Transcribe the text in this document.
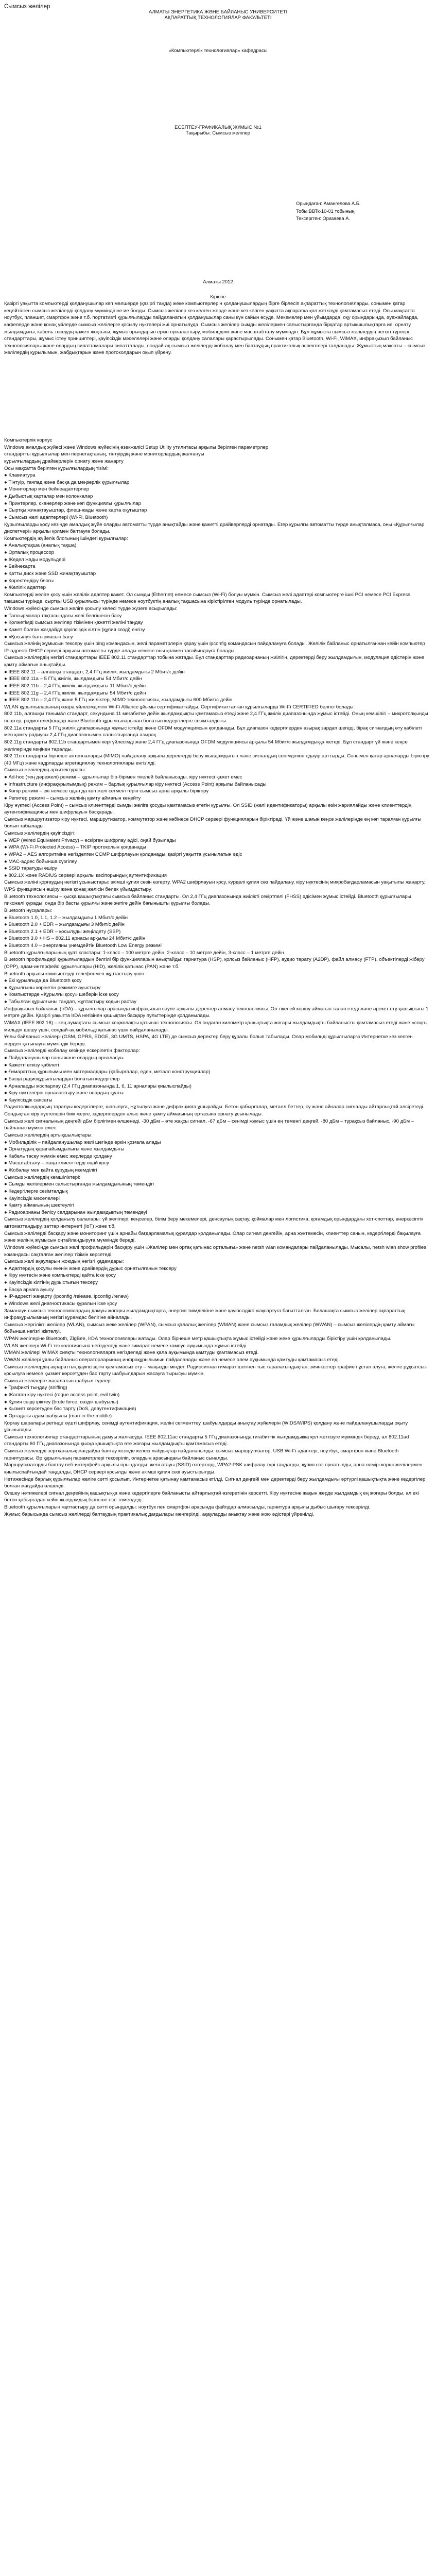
Сымсыз желілер

АЛМАТЫ ЭНЕРГЕТИКА ЖӘНЕ БАЙЛАНЫС УНИВЕРСИТЕТІ

АҚПАРАТТЫҚ ТЕХНОЛОГИЯЛАР ФАКУЛЬТЕТІ

«Компьютерлік технологиялар» кафедрасы
ЕСЕПТЕУ-ГРАФИКАЛЫҚ ЖҰМЫС №1
Тақырыбы: Сымсыз желілер
Орындаған: Амангелова А.Б.
Тобы:ВВТк-10-01 тобының
Тексергген: Оразаева А.
Алматы 2012
Кіріспе
Қазіргі уақытта компьютерді қолданушылар көп мөлшерде (қазіргі таңда) жеке компьютерлерін қолданушылардың бірге бірлесіп ақпараттық технологияларды, сонымен қатар кеңейтілген сымсыз желілерді қолдану мүмкіндігіне ие болды. Сымсыз желілер кез келген жерде және кез келген уақытта ақпаратқа қол жеткізуді қамтамасыз етеді. Осы мақсатта ноутбук, планшет, смартфон және т.б. портативті құрылғыларды пайдаланатын қолданушылар саны күн сайын өсуде. Мекемелер мен ұйымдарда, оқу орындарында, әуежайларда, кафелерде және қонақ үйлерде сымсыз желілерге қосылу нүктелері жиі орнатылуда. Сымсыз желілер сымды желілермен салыстырғанда бірқатар артықшылықтарға ие: орнату жылдамдығы, кабель төсеудің қажеті жоқтығы, жұмыс орындарын еркін орналастыру, мобильділік және масштабталу мүмкіндігі. Бұл жұмыста сымсыз желілердің негізгі түрлері, стандарттары, жұмыс істеу принциптері, қауіпсіздік мәселелері және оларды қолдану салалары қарастырылады. Сонымен қатар Bluetooth, Wi-Fi, WiMAX, инфрақызыл байланыс технологиялары және олардың сипаттамалары сипатталады, сондай-ақ сымсыз желілерді жобалау мен баптаудың практикалық аспектілері талданады. Жұмыстың мақсаты – сымсыз желілердің құрылымын, жабдықтарын және протоколдарын оқып үйрену.
Компьютерлік корпус
Windows амалдық жүйесі және Windows жүйесінің өзекжелісі Setup Utility утилитасы арқылы берілген параметрлер
стандартты құрылғылар мен пернетақтаның, тінтуірдің және мониторлардың жалғануы
құрылғылардың драйверлерін орнату және жаңарту
Осы мақсатта берілген құрылғылардың тізімі:
● Клавиатура
● Тінтуір, тачпад және басқа да меңзерлік құрылғылар
● Мониторлар мен бейнеадаптерлер
● Дыбыстық карталар мен колонкалар
● Принтерлер, сканерлер және көп функциялы құрылғылар
● Сыртқы жинақтауыштар, флеш-жады және карта оқуғыштар
● Сымсыз желі адаптерлері (Wi-Fi, Bluetooth)
Құрылғыларды қосу кезінде амалдық жүйе оларды автоматты түрде анықтайды және қажетті драйверлерді орнатады. Егер құрылғы автоматты түрде анықталмаса, оны «Құрылғылар диспетчері» арқылы қолмен баптауға болады.
Компьютердің жүйелік блогының ішіндегі құрылғылар:
● Аналықтақша (аналық тақша)
● Орталық процессор
● Жедел жады модульдері
● Бейнекарта
● Қатты диск және SSD жинақтауыштар
● Қоректендіру блогы
● Желілік адаптер
Компьютерді желіге қосу үшін желілік адаптер қажет. Ол сымды (Ethernet) немесе сымсыз (Wi-Fi) болуы мүмкін. Сымсыз желі адаптері компьютерге ішкі PCI немесе PCI Express тақшасы түрінде, сыртқы USB құрылғысы түрінде немесе ноутбуктің аналық тақшасына кіріктірілген модуль түрінде орнатылады.
Windows жүйесінде сымсыз желіге қосылу келесі түрде жүзеге асырылады:
● Тапсырмалар тақтасындағы желі белгішесін басу
● Қолжетімді сымсыз желілер тізімінен қажетті желіні таңдау
● Қажет болған жағдайда қауіпсіздік кілтін (құпия сөзді) енгізу
● «Қосылу» батырмасын басу
Сымсыз желінің жұмысын тексеру үшін ping командасын, желі параметрлерін қарау үшін ipconfig командасын пайдалануға болады. Желілік байланыс орнатылғаннан кейін компьютер IP-адресті DHCP сервері арқылы автоматты түрде алады немесе оны қолмен тағайындауға болады.
Сымсыз желілердің негізгі стандарттары IEEE 802.11 стандарттар тобына жатады. Бұл стандарттар радиоарнаның жиілігін, деректерді беру жылдамдығын, модуляция әдістерін және қамту аймағын анықтайды.
● IEEE 802.11 – алғашқы стандарт, 2,4 ГГц жиілік, жылдамдығы 2 Мбит/с дейін
● IEEE 802.11a – 5 ГГц жиілік, жылдамдығы 54 Мбит/с дейін
● IEEE 802.11b – 2,4 ГГц жиілік, жылдамдығы 11 Мбит/с дейін
● IEEE 802.11g – 2,4 ГГц жиілік, жылдамдығы 54 Мбит/с дейін
● IEEE 802.11n – 2,4 ГГц және 5 ГГц жиіліктер, MIMO технологиясы, жылдамдығы 600 Мбит/с дейін
WLAN құрылғыларының өзара үйлесімділігін Wi-Fi Alliance ұйымы сертификаттайды. Сертификатталған құрылғыларда Wi-Fi CERTIFIED белгісі болады.
802.11b, алғашқы таныма́л стандарт, секундына 11 мегабитке дейін жылдамдықты қамтамасыз етеді және 2,4 ГГц жиілік диапазонында жұмыс істейді. Оның кемшілігі – микротолқынды пештер, радиотелефондар және Bluetooth құрылғыларынан болатын кедергілерге сезімталдығы.
802.11a стандарты 5 ГГц жиілік диапазонында жұмыс істейді және OFDM модуляциясын қолданады. Бұл диапазон кедергілерден азырақ зардап шегеді, бірақ сигналдың өту қабілеті мен қамту радиусы 2,4 ГГц диапазонымен салыстырғанда азырақ.
802.11g стандарты 802.11b стандартымен кері үйлесімді және 2,4 ГГц диапазонында OFDM модуляциясы арқылы 54 Мбит/с жылдамдыққа жетеді. Бұл стандарт үй және кеңсе желілерінде кеңінен таралды.
802.11n стандарты бірнеше антенналарды (MIMO) пайдалану арқылы деректерді беру жылдамдығын және сигналдың сенімділігін едәуір арттырды. Сонымен қатар арналарды біріктіру (40 МГц) және кадрларды агрегациялау технологиялары енгізілді.
Сымсыз желілердің архитектурасы:
● Ad-hoc (тең дәрежелі) режимі – құрылғылар бір-бірімен тікелей байланысады, кіру нүктесі қажет емес
● Infrastructure (инфрақұрылымдық) режим – барлық құрылғылар кіру нүктесі (Access Point) арқылы байланысады
● Көпір режимі – екі немесе одан да көп желі сегменттерін сымсыз арна арқылы біріктіру
● Репитер режимі – сымсыз желінің қамту аймағын кеңейту
Кіру нүктесі (Access Point) – сымсыз клиенттерді сымды желіге қосуды қамтамасыз ететін құрылғы. Ол SSID (желі идентификаторы) арқылы өзін жариялайды және клиенттердің аутентификациясы мен шифрлауын басқарады.
Сымсыз маршрутизатор кіру нүктесі, маршрутизатор, коммутатор және көбінесе DHCP сервері функцияларын біріктіреді. Үй және шағын кеңсе желілерінде ең көп таралған құрылғы болып табылады.
Сымсыз желілердің қауіпсіздігі:
● WEP (Wired Equivalent Privacy) – ескірген шифрлау әдісі, оңай бұзылады
● WPA (Wi-Fi Protected Access) – TKIP протоколын қолданады
● WPA2 – AES алгоритміне негізделген CCMP шифрлауын қолданады, қазіргі уақытта ұсынылатын әдіс
● MAC-адрес бойынша сүзгілеу
● SSID таратуды өшіру
● 802.1X және RADIUS сервері арқылы кәсіпорындық аутентификация
Сымсыз желіні қорғаудың негізгі ұсыныстары: әкімші құпия сөзін өзгерту, WPA2 шифрлауын қосу, күрделі құпия сөз пайдалану, кіру нүктесінің микробағдарламасын уақытылы жаңарту, WPS функциясын өшіру және қонақ желісін бөлек ұйымдастыру.
Bluetooth технологиясы – қысқа қашықтықтағы сымсыз байланыс стандарты. Ол 2,4 ГГц диапазонында жиілікті секіртпелі (FHSS) әдісімен жұмыс істейді. Bluetooth құрылғылары пикожелі құрады, онда бір басты құрылғы және жетіге дейін бағынышты құрылғы болады.
Bluetooth нұсқалары:
● Bluetooth 1.0, 1.1, 1.2 – жылдамдығы 1 Мбит/с дейін
● Bluetooth 2.0 + EDR – жылдамдығы 3 Мбит/с дейін
● Bluetooth 2.1 + EDR – қосылуды жеңілдету (SSP)
● Bluetooth 3.0 + HS – 802.11 арнасы арқылы 24 Мбит/с дейін
● Bluetooth 4.0 – энергияны үнемдейтін Bluetooth Low Energy режимі
Bluetooth құрылғыларының қуат кластары: 1-класс – 100 метрге дейін, 2-класс – 10 метрге дейін, 3-класс – 1 метрге дейін.
Bluetooth профильдері құрылғылардың белгілі бір функцияларын анықтайды: гарнитура (HSP), қолсыз байланыс (HFP), аудио тарату (A2DP), файл алмасу (FTP), объектілерді жіберу (OPP), адам-интерфейс құрылғылары (HID), желілік қатынас (PAN) және т.б.
Bluetooth арқылы компьютерді телефонмен жұптастыру үшін:
● Екі құрылғыда да Bluetooth қосу
● Құрылғыны көрінетін режимге ауыстыру
● Компьютерде «Құрылғы қосу» шеберін іске қосу
● Табылған құрылғыны таңдап, жұптастыру кодын растау
Инфрақызыл байланыс (IrDA) – құрылғылар арасында инфрақызыл сәуле арқылы деректер алмасу технологиясы. Ол тікелей көріну аймағын талап етеді және әрекет ету қашықтығы 1 метрге дейін. Қазіргі уақытта IrDA негізінен қашықтан басқару пульттерінде қолданылады.
WiMAX (IEEE 802.16) – кең аумақтағы сымсыз кеңжолақты қатынас технологиясы. Ол ондаған километр қашықтықта жоғары жылдамдықты байланысты қамтамасыз етеді және «соңғы мильді» шешу үшін, сондай-ақ мобильді қатынас үшін пайдаланылады.
Ұялы байланыс желілері (GSM, GPRS, EDGE, 3G UMTS, HSPA, 4G LTE) де сымсыз деректер беру құралы болып табылады. Олар мобильді құрылғыларға Интернетке кез келген жерден қатынауға мүмкіндік береді.
Сымсыз желілерді жобалау кезінде ескерілетін факторлар:
● Пайдаланушылар саны және олардың орналасуы
● Қажетті өткізу қабілеті
● Ғимараттың құрылымы мен материалдары (қабырғалар, еден, металл конструкциялар)
● Басқа радиоқұрылғылардан болатын кедергілер
● Арналарды жоспарлау (2,4 ГГц диапазонында 1, 6, 11 арналары қиылыспайды)
● Кіру нүктелерін орналастыру және олардың қуаты
● Қауіпсіздік саясаты
Радиотолқындардың таралуы кедергілерге, шағылуға, жұтылуға және дифракцияға ұшырайды. Бетон қабырғалар, металл беттер, су және айналар сигналды айтарлықтай әлсіретеді. Сондықтан кіру нүктелерін биік жерге, кедергілерден алыс және қамту аймағының ортасына орнату ұсынылады.
Сымсыз желі сигналының деңгейі дБм бірлігімен өлшенеді. -30 дБм – өте жақсы сигнал, -67 дБм – сенімді жұмыс үшін ең төменгі деңгей, -80 дБм – тұрақсыз байланыс, -90 дБм – байланыс мүмкін емес.
Сымсыз желілердің артықшылықтары:
● Мобильділік – пайдаланушылар желі шегінде еркін қозғала алады
● Орнатудың қарапайымдылығы және жылдамдығы
● Кабель төсеу мүмкін емес жерлерде қолдану
● Масштабталу – жаңа клиенттерді оңай қосу
● Жобалау мен қайта құрудың икемділігі
Сымсыз желілердің кемшіліктері:
● Сымды желілермен салыстырғанда жылдамдығының төмендігі
● Кедергілерге сезімталдық
● Қауіпсіздік мәселелері
● Қамту аймағының шектеулігі
● Радиоарнаны бөлісу салдарынан жылдамдықтың төмендеуі
Сымсыз желілердің қолданылу салалары: үй желілері, кеңселер, білім беру мекемелері, денсаулық сақтау, қоймалар мен логистика, қоғамдық орындардағы хот-споттар, өнеркәсіптік автоматтандыру, заттар интернеті (IoT) және т.б.
Сымсыз желілерді басқару және мониторинг үшін арнайы бағдарламалық құралдар қолданылады. Олар сигнал деңгейін, арна жүктемесін, клиенттер санын, кедергілерді бақылауға және желінің жұмысын оңтайландыруға мүмкіндік береді.
Windows жүйесінде сымсыз желі профильдерін басқару үшін «Желілер мен ортақ қатынас орталығы» және netsh wlan командалары пайдаланылады. Мысалы, netsh wlan show profiles командасы сақталған желілер тізімін көрсетеді.
Сымсыз желі ақауларын жоюдың негізгі қадамдары:
● Адаптердің қосулы екенін және драйвердің дұрыс орнатылғанын тексеру
● Кіру нүктесін және компьютерді қайта іске қосу
● Қауіпсіздік кілтінің дұрыстығын тексеру
● Басқа арнаға ауысу
● IP-адресті жаңарту (ipconfig /release, ipconfig /renew)
● Windows желі диагностикасы құралын іске қосу
Заманауи сымсыз технологиялардың дамуы жоғары жылдамдықтарға, энергия тиімділігіне және қауіпсіздікті жақсартуға бағытталған. Болашақта сымсыз желілер ақпараттық инфрақұрылымның негізгі құрамдас бөлігіне айналады.
Сымсыз жергілікті желілер (WLAN), сымсыз жеке желілер (WPAN), сымсыз қалалық желілер (WMAN) және сымсыз ғаламдық желілер (WWAN) – сымсыз желілердің қамту аймағы бойынша негізгі жіктелуі.
WPAN желілеріне Bluetooth, ZigBee, IrDA технологиялары жатады. Олар бірнеше метр қашықтықта жұмыс істейді және жеке құрылғыларды біріктіру үшін қолданылады.
WLAN желілері Wi-Fi технологиясына негізделеді және ғимарат немесе кампус ауқымында жұмыс істейді.
WMAN желілері WiMAX сияқты технологияларға негізделеді және қала ауқымында қамтуды қамтамасыз етеді.
WWAN желілері ұялы байланыс операторларының инфрақұрылымын пайдаланады және ел немесе әлем ауқымында қамтуды қамтамасыз етеді.
Сымсыз желілердің ақпараттық қауіпсіздігін қамтамасыз ету – маңызды міндет. Радиосигнал ғимарат шегінен тыс таралатындықтан, зиянкестер трафикті ұстап алуға, желіге рұқсатсыз қосылуға немесе қызмет көрсетуден бас тарту шабуылдарын жасауға тырысуы мүмкін.
Сымсыз желілерге жасалатын шабуыл түрлері:
● Трафикті тыңдау (sniffing)
● Жалған кіру нүктесі (rogue access point, evil twin)
● Құпия сөзді іріктеу (brute force, сөздік шабуылы)
● Қызмет көрсетуден бас тарту (DoS, деаутентификация)
● Ортадағы адам шабуылы (man-in-the-middle)
Қорғау шаралары ретінде күшті шифрлау, сенімді аутентификация, желіні сегменттеу, шабуылдарды анықтау жүйелерін (WIDS/WIPS) қолдану және пайдаланушыларды оқыту ұсынылады.
Сымсыз технологиялар стандарттарының дамуы жалғасуда. IEEE 802.11ac стандарты 5 ГГц диапазонында гигабиттік жылдамдыққа қол жеткізуге мүмкіндік береді, ал 802.11ad стандарты 60 ГГц диапазонында қысқа қашықтықта өте жоғары жылдамдықты қамтамасыз етеді.
Сымсыз желілерді зертханалық жағдайда баптау кезінде келесі жабдықтар пайдаланылды: сымсыз маршрутизатор, USB Wi-Fi адаптері, ноутбук, смартфон және Bluetooth гарнитурасы. Әр құрылғының параметрлері тексеріліп, олардың арасындағы байланыс сыналды.
Маршрутизаторды баптау веб-интерфейс арқылы орындалды: желі атауы (SSID) өзгертілді, WPA2-PSK шифрлау түрі таңдалды, құпия сөз орнатылды, арна нөмірі көрші желілермен қиылыспайтындай таңдалды, DHCP сервері қосылды және әкімші құпия сөзі ауыстырылды.
Нәтижесінде барлық құрылғылар желіге сәтті қосылып, Интернетке қатынау қамтамасыз етілді. Сигнал деңгейі мен деректерді беру жылдамдығы әртүрлі қашықтықта және кедергілер болған жағдайда өлшенді.
Өлшеу нәтижелері сигнал деңгейінің қашықтыққа және кедергілерге байланысты айтарлықтай өзгеретінін көрсетті. Кіру нүктесіне жақын жерде жылдамдық ең жоғары болды, ал екі бетон қабырғадан кейін жылдамдық бірнеше есе төмендеді.
Bluetooth құрылғыларын жұптастыру да сәтті орындалды: ноутбук пен смартфон арасында файлдар алмасылды, гарнитура арқылы дыбыс шығару тексерілді.
Жұмыс барысында сымсыз желілерді баптаудың практикалық дағдылары меңгерілді, ақауларды анықтау және жою әдістері үйренілді.
